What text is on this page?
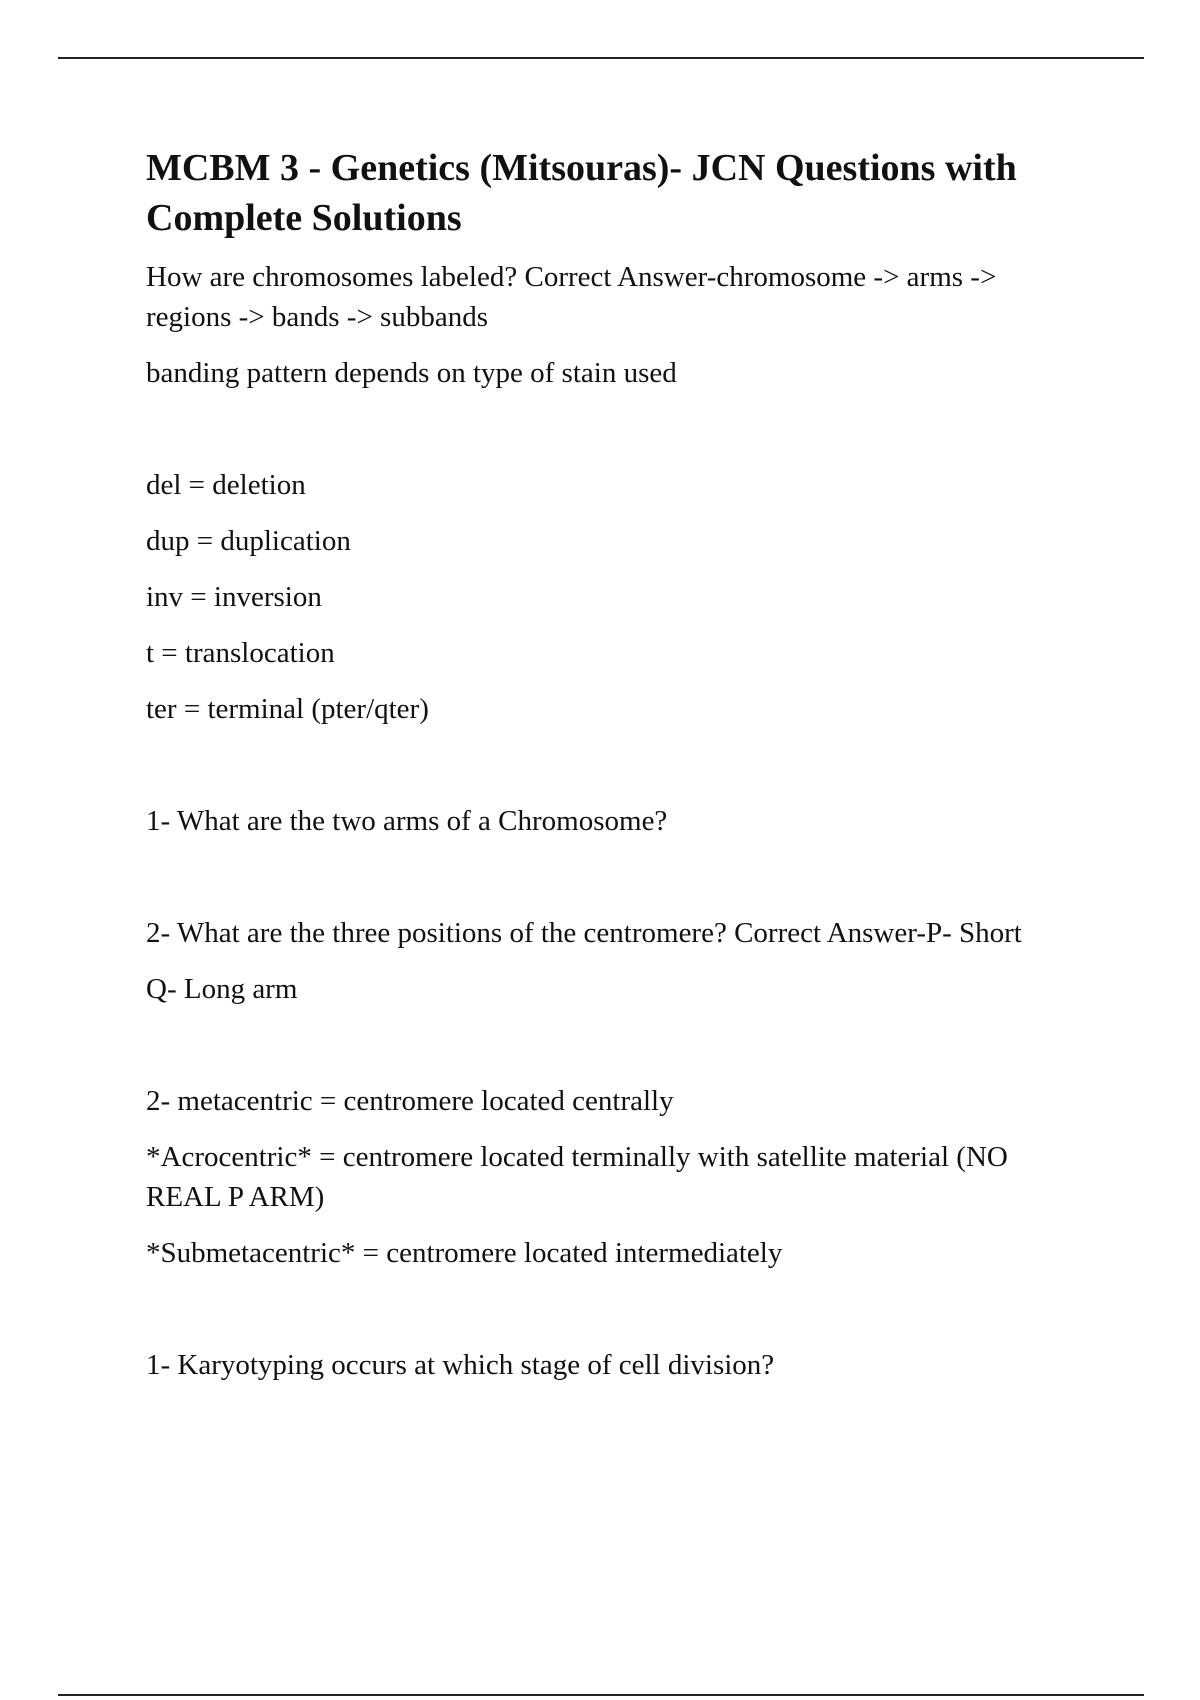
MCBM 3 - Genetics (Mitsouras)- JCN Questions with Complete Solutions

How are chromosomes labeled? Correct Answer-chromosome -> arms -> regions -> bands -> subbands

banding pattern depends on type of stain used

del = deletion

dup = duplication

inv = inversion

t = translocation

ter = terminal (pter/qter)

1- What are the two arms of a Chromosome?

2- What are the three positions of the centromere? Correct Answer-P- Short

Q- Long arm

2- metacentric = centromere located centrally

*Acrocentric* = centromere located terminally with satellite material (NO REAL P ARM)

*Submetacentric* = centromere located intermediately

1- Karyotyping occurs at which stage of cell division?
